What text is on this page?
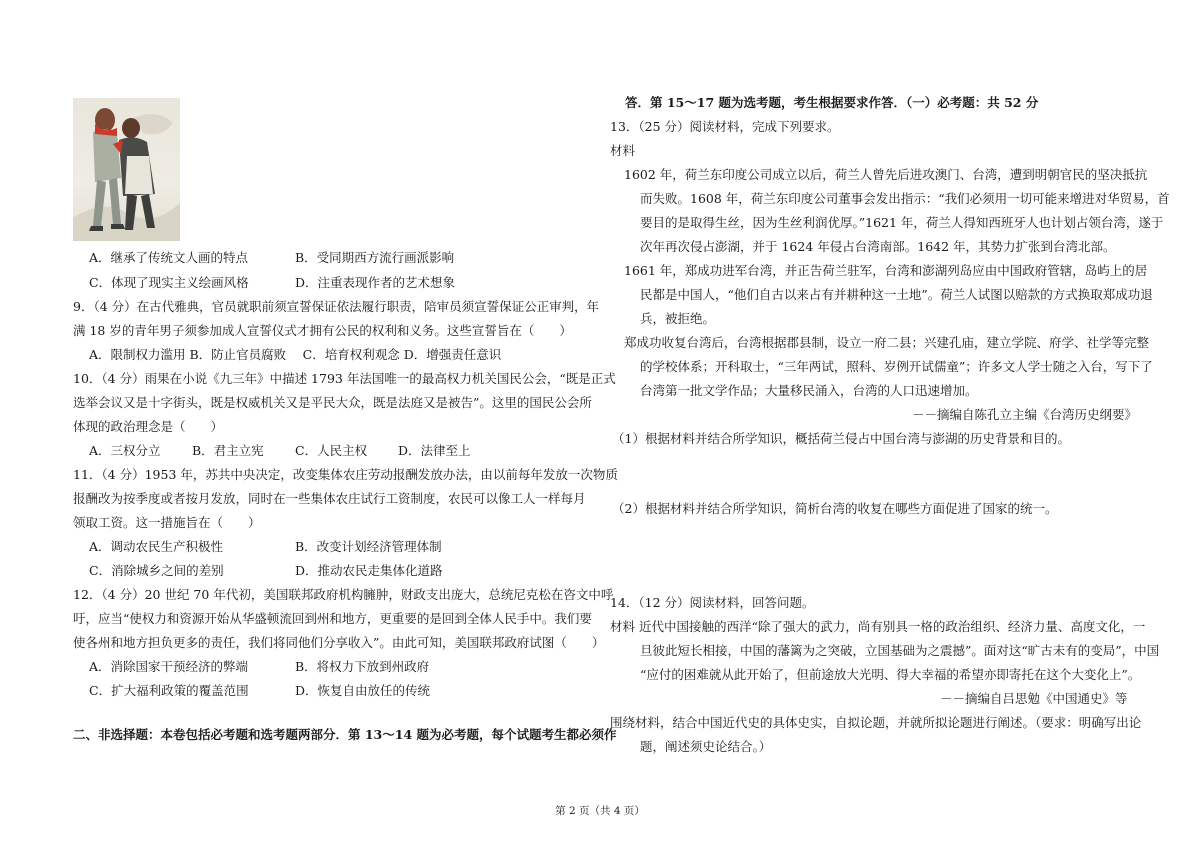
A．继承了传统文人画的特点	B．受同期西方流行画派影响
C．体现了现实主义绘画风格	D．注重表现作者的艺术想象
9．（4 分）在古代雅典，官员就职前须宣誓保证依法履行职责，陪审员须宣誓保证公正审判，年
满 18 岁的青年男子须参加成人宣誓仪式才拥有公民的权利和义务。这些宣誓旨在（　　）
A．限制权力滥用 B．防止官员腐败　 C．培育权利观念 D．增强责任意识
10．（4 分）雨果在小说《九三年》中描述 1793 年法国唯一的最高权力机关国民公会，“既是正式
选举会议又是十字街头，既是权威机关又是平民大众，既是法庭又是被告”。这里的国民公会所
体现的政治理念是（　　）
A．三权分立	B．君主立宪	C．人民主权 D．法律至上
11．（4 分）1953 年，苏共中央决定，改变集体农庄劳动报酬发放办法，由以前每年发放一次物质
报酬改为按季度或者按月发放，同时在一些集体农庄试行工资制度，农民可以像工人一样每月
领取工资。这一措施旨在（　　）
A．调动农民生产积极性	B．改变计划经济管理体制
C．消除城乡之间的差别	D．推动农民走集体化道路
12．（4 分）20 世纪 70 年代初，美国联邦政府机构臃肿，财政支出庞大，总统尼克松在咨文中呼
吁，应当“使权力和资源开始从华盛顿流回到州和地方，更重要的是回到全体人民手中。我们要
使各州和地方担负更多的责任，我们将同他们分享收入”。由此可知，美国联邦政府试图（　　）
A．消除国家干预经济的弊端	B．将权力下放到州政府
C．扩大福利政策的覆盖范围	D．恢复自由放任的传统
二、非选择题：本卷包括必考题和选考题两部分．第 13～14 题为必考题，每个试题考生都必须作
答．第 15～17 题为选考题，考生根据要求作答．（一）必考题：共 52 分
13．（25 分）阅读材料，完成下列要求。
材料
1602 年，荷兰东印度公司成立以后，荷兰人曾先后进攻澳门、台湾，遭到明朝官民的坚决抵抗
而失败。1608 年，荷兰东印度公司董事会发出指示：“我们必须用一切可能来增进对华贸易，首
要目的是取得生丝，因为生丝利润优厚。”1621 年，荷兰人得知西班牙人也计划占领台湾，遂于
次年再次侵占澎湖，并于 1624 年侵占台湾南部。1642 年，其势力扩张到台湾北部。
1661 年，郑成功进军台湾，并正告荷兰驻军，台湾和澎湖列岛应由中国政府管辖，岛屿上的居
民都是中国人，“他们自古以来占有并耕种这一土地”。荷兰人试图以赔款的方式换取郑成功退
兵，被拒绝。
郑成功收复台湾后，台湾根据郡县制，设立一府二县；兴建孔庙，建立学院、府学、社学等完整
的学校体系；开科取士，“三年两试，照科、岁例开试儒童”；许多文人学士随之入台，写下了
台湾第一批文学作品；大量移民涌入，台湾的人口迅速增加。
－－摘编自陈孔立主编《台湾历史纲要》
（1）根据材料并结合所学知识，概括荷兰侵占中国台湾与澎湖的历史背景和目的。
（2）根据材料并结合所学知识，简析台湾的收复在哪些方面促进了国家的统一。
14．（12 分）阅读材料，回答问题。
材料 近代中国接触的西洋“除了强大的武力，尚有别具一格的政治组织、经济力量、高度文化，一
旦彼此短长相接，中国的藩篱为之突破，立国基础为之震撼”。面对这“旷古未有的变局”，中国
“应付的困难就从此开始了，但前途放大光明、得大幸福的希望亦即寄托在这个大变化上”。
－－摘编自吕思勉《中国通史》等
围绕材料，结合中国近代史的具体史实，自拟论题，并就所拟论题进行阐述。（要求：明确写出论
题，阐述须史论结合。）
第 2 页（共 4 页）
